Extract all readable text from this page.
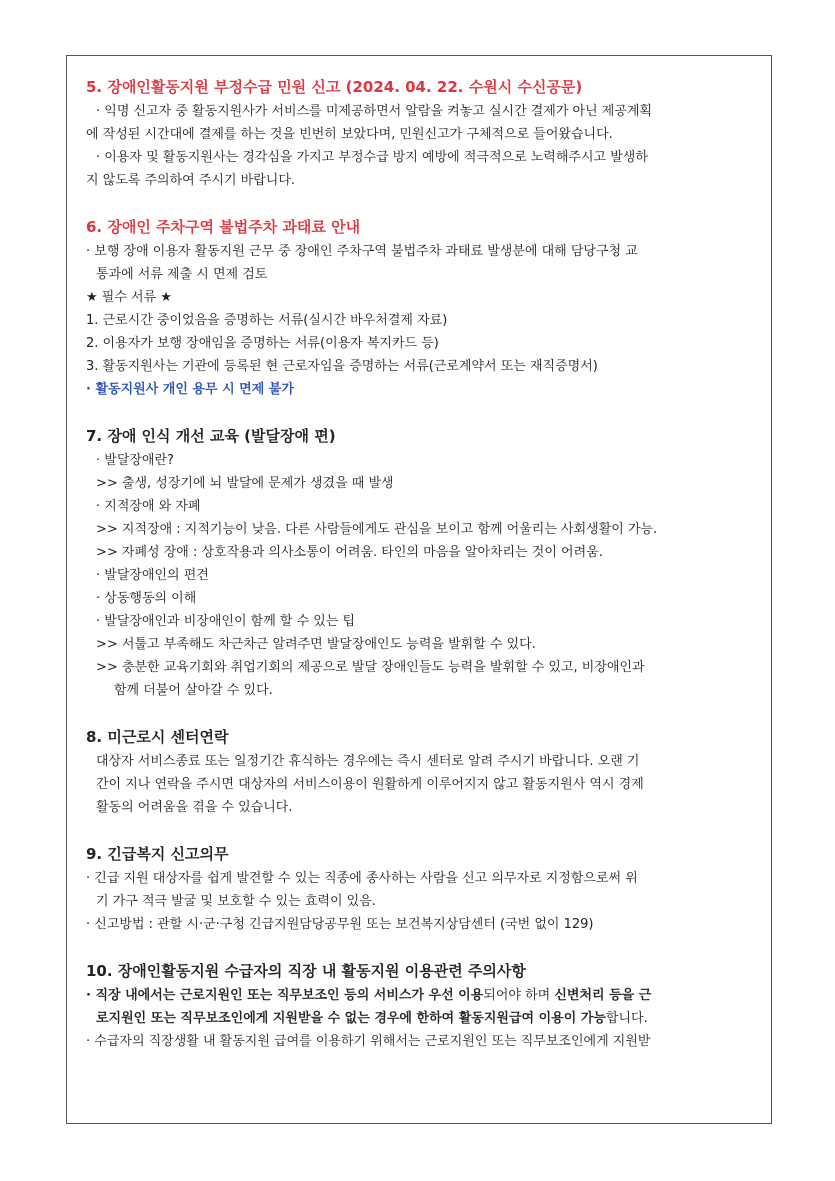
5. 장애인활동지원 부정수급 민원 신고 (2024. 04. 22. 수원시 수신공문)
· 익명 신고자 중 활동지원사가 서비스를 미제공하면서 알람을 켜놓고 실시간 결제가 아닌 제공계획
에 작성된 시간대에 결제를 하는 것을 빈번히 보았다며, 민원신고가 구체적으로 들어왔습니다.
· 이용자 및 활동지원사는 경각심을 가지고 부정수급 방지 예방에 적극적으로 노력해주시고 발생하
지 않도록 주의하여 주시기 바랍니다.
6. 장애인 주차구역 불법주차 과태료 안내
· 보행 장애 이용자 활동지원 근무 중 장애인 주차구역 불법주차 과태료 발생분에 대해 담당구청 교
통과에 서류 제출 시 면제 검토
★ 필수 서류 ★
1. 근로시간 중이었음을 증명하는 서류(실시간 바우처결제 자료)
2. 이용자가 보행 장애임을 증명하는 서류(이용자 복지카드 등)
3. 활동지원사는 기관에 등록된 현 근로자임을 증명하는 서류(근로계약서 또는 재직증명서)
· 활동지원사 개인 용무 시 면제 불가
7. 장애 인식 개선 교육 (발달장애 편)
· 발달장애란?
>> 출생, 성장기에 뇌 발달에 문제가 생겼을 때 발생
· 지적장애 와 자폐
>> 지적장애 : 지적기능이 낮음. 다른 사람들에게도 관심을 보이고 함께 어울리는 사회생활이 가능.
>> 자폐성 장애 : 상호작용과 의사소통이 어려움. 타인의 마음을 알아차리는 것이 어려움.
· 발달장애인의 편견
· 상동행동의 이해
· 발달장애인과 비장애인이 함께 할 수 있는 팁
>> 서툴고 부족해도 차근차근 알려주면 발달장애인도 능력을 발휘할 수 있다.
>> 충분한 교육기회와 취업기회의 제공으로 발달 장애인들도 능력을 발휘할 수 있고, 비장애인과
함께 더불어 살아갈 수 있다.
8. 미근로시 센터연락
대상자 서비스종료 또는 일정기간 휴식하는 경우에는 즉시 센터로 알려 주시기 바랍니다. 오랜 기
간이 지나 연락을 주시면 대상자의 서비스이용이 원활하게 이루어지지 않고 활동지원사 역시 경제
활동의 어려움을 겪을 수 있습니다.
9. 긴급복지 신고의무
· 긴급 지원 대상자를 쉽게 발견할 수 있는 직종에 종사하는 사람을 신고 의무자로 지정함으로써 위
기 가구 적극 발굴 및 보호할 수 있는 효력이 있음.
· 신고방법 : 관할 시·군·구청 긴급지원담당공무원 또는 보건복지상담센터 (국번 없이 129)
10. 장애인활동지원 수급자의 직장 내 활동지원 이용관련 주의사항
· 직장 내에서는 근로지원인 또는 직무보조인 등의 서비스가 우선 이용되어야 하며 신변처리 등을 근
로지원인 또는 직무보조인에게 지원받을 수 없는 경우에 한하여 활동지원급여 이용이 가능합니다.
· 수급자의 직장생활 내 활동지원 급여를 이용하기 위해서는 근로지원인 또는 직무보조인에게 지원받
